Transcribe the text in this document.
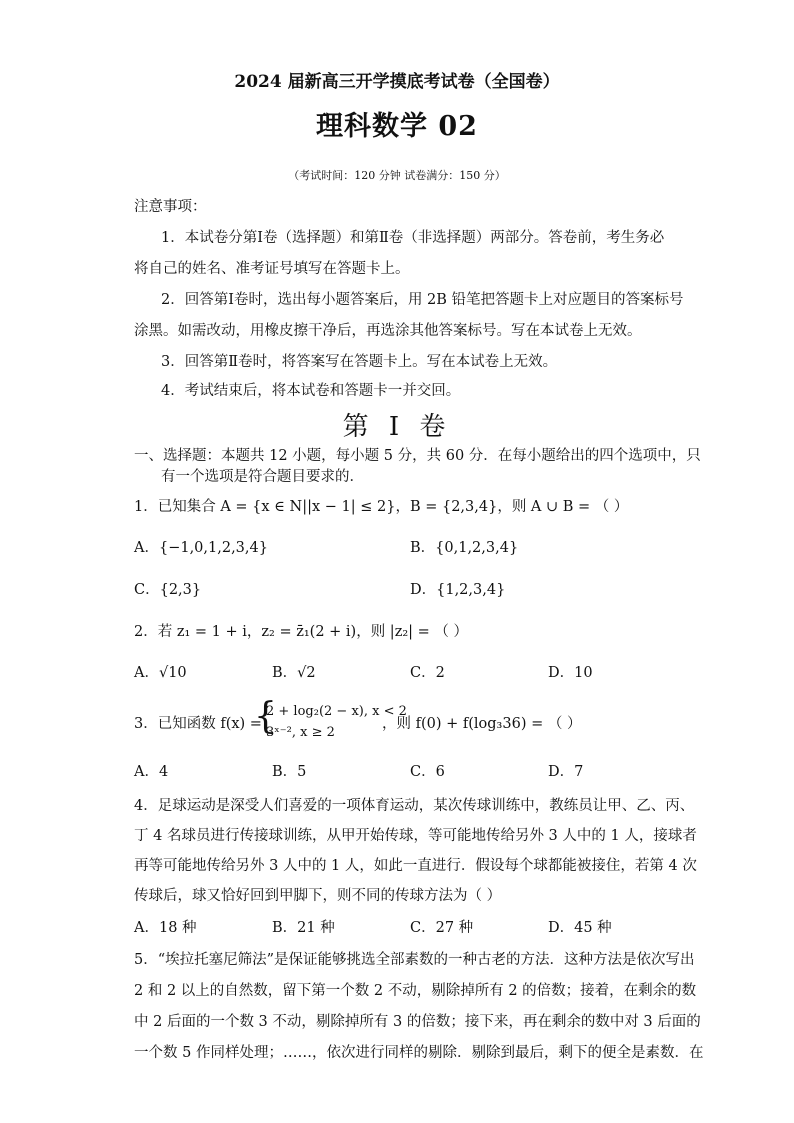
2024 届新高三开学摸底考试卷（全国卷）
理科数学 02
（考试时间：120 分钟 试卷满分：150 分）
注意事项：
1．本试卷分第Ⅰ卷（选择题）和第Ⅱ卷（非选择题）两部分。答卷前，考生务必
将自己的姓名、准考证号填写在答题卡上。
2．回答第Ⅰ卷时，选出每小题答案后，用 2B 铅笔把答题卡上对应题目的答案标号
涂黑。如需改动，用橡皮擦干净后，再选涂其他答案标号。写在本试卷上无效。
3．回答第Ⅱ卷时，将答案写在答题卡上。写在本试卷上无效。
4．考试结束后，将本试卷和答题卡一并交回。
第 I 卷
一、选择题：本题共 12 小题，每小题 5 分，共 60 分．在每小题给出的四个选项中，只
有一个选项是符合题目要求的．
1．已知集合 A = {x ∈ N||x − 1| ≤ 2}，B = {2,3,4}，则 A ∪ B = （ ）
A．{−1,0,1,2,3,4}	B．{0,1,2,3,4}
C．{2,3}	D．{1,2,3,4}
2．若 z₁ = 1 + i，z₂ = z̄₁(2 + i)，则 |z₂| = （ ）
A．√10	B．√2	C．2	D．10
3．已知函数 f(x) =
{
2 + log₂(2 − x), x < 2
3ˣ⁻², x ≥ 2
，则 f(0) + f(log₃36) = （ ）
A．4	B．5	C．6	D．7
4．足球运动是深受人们喜爱的一项体育运动，某次传球训练中，教练员让甲、乙、丙、
丁 4 名球员进行传接球训练，从甲开始传球，等可能地传给另外 3 人中的 1 人，接球者
再等可能地传给另外 3 人中的 1 人，如此一直进行．假设每个球都能被接住，若第 4 次
传球后，球又恰好回到甲脚下，则不同的传球方法为（ ）
A．18 种	B．21 种	C．27 种	D．45 种
5．“埃拉托塞尼筛法”是保证能够挑选全部素数的一种古老的方法．这种方法是依次写出
2 和 2 以上的自然数，留下第一个数 2 不动，剔除掉所有 2 的倍数；接着，在剩余的数
中 2 后面的一个数 3 不动，剔除掉所有 3 的倍数；接下来，再在剩余的数中对 3 后面的
一个数 5 作同样处理；……，依次进行同样的剔除．剔除到最后，剩下的便全是素数．在
